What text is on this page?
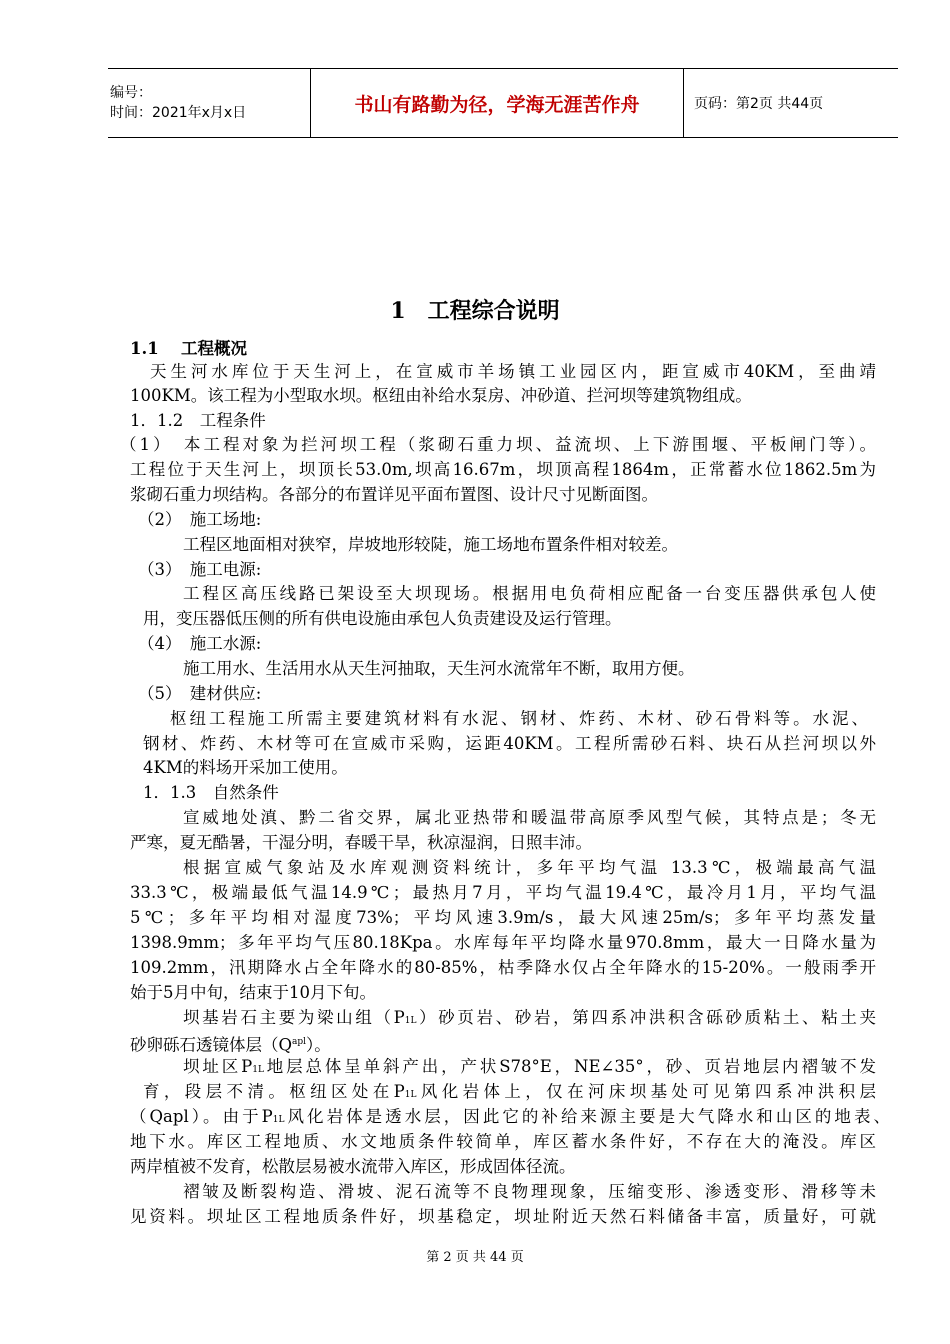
编号：
时间：2021年x月x日	书山有路勤为径，学海无涯苦作舟	页码：第2页 共44页
1　工程综合说明
1.1　 工程概况
天生河水库位于天生河上，在宣威市羊场镇工业园区内，距宣威市40KM，至曲靖
100KM。该工程为小型取水坝。枢纽由补给水泵房、冲砂道、拦河坝等建筑物组成。
1．1.2　工程条件
（1）　本工程对象为拦河坝工程（浆砌石重力坝、益流坝、上下游围堰、平板闸门等）。
工程位于天生河上，坝顶长53.0m,坝高16.67m，坝顶高程1864m，正常蓄水位1862.5m为
浆砌石重力坝结构。各部分的布置详见平面布置图、设计尺寸见断面图。
（2）　施工场地:
工程区地面相对狭窄，岸坡地形较陡，施工场地布置条件相对较差。
（3）　施工电源:
工程区高压线路已架设至大坝现场。根据用电负荷相应配备一台变压器供承包人使
用，变压器低压侧的所有供电设施由承包人负责建设及运行管理。
（4）　施工水源:
施工用水、生活用水从天生河抽取，天生河水流常年不断，取用方便。
（5）　建材供应:
枢纽工程施工所需主要建筑材料有水泥、钢材、炸药、木材、砂石骨料等。水泥、
钢材、炸药、木材等可在宣威市采购，运距40KM。工程所需砂石料、块石从拦河坝以外
4KM的料场开采加工使用。
1．1.3　自然条件
宣威地处滇、黔二省交界，属北亚热带和暖温带高原季风型气候，其特点是；冬无
严寒，夏无酷暑，干湿分明，春暖干旱，秋凉湿润，日照丰沛。
根据宣威气象站及水库观测资料统计，多年平均气温 13.3℃，极端最高气温
33.3℃，极端最低气温14.9℃；最热月7月，平均气温19.4℃，最冷月1月，平均气温
5℃；多年平均相对湿度73%；平均风速3.9m/s，最大风速25m/s；多年平均蒸发量
1398.9mm；多年平均气压80.18Kpa。水库每年平均降水量970.8mm，最大一日降水量为
109.2mm，汛期降水占全年降水的80-85%，枯季降水仅占全年降水的15-20%。一般雨季开
始于5月中旬，结束于10月下旬。
坝基岩石主要为梁山组（P1L）砂页岩、砂岩，第四系冲洪积含砾砂质粘土、粘土夹
砂卵砾石透镜体层$(Q^{apl})$。
坝址区P1L地层总体呈单斜产出，产状S78°E，NE∠35°，砂、页岩地层内褶皱不发
育，段层不清。枢纽区处在P1L风化岩体上，仅在河床坝基处可见第四系冲洪积层
（Qapl）。由于P1L风化岩体是透水层，因此它的补给来源主要是大气降水和山区的地表、
地下水。库区工程地质、水文地质条件较简单，库区蓄水条件好，不存在大的淹没。库区
两岸植被不发育，松散层易被水流带入库区，形成固体径流。
褶皱及断裂构造、滑坡、泥石流等不良物理现象，压缩变形、渗透变形、滑移等未
见资料。坝址区工程地质条件好，坝基稳定，坝址附近天然石料储备丰富，质量好，可就
第 2 页 共 44 页
